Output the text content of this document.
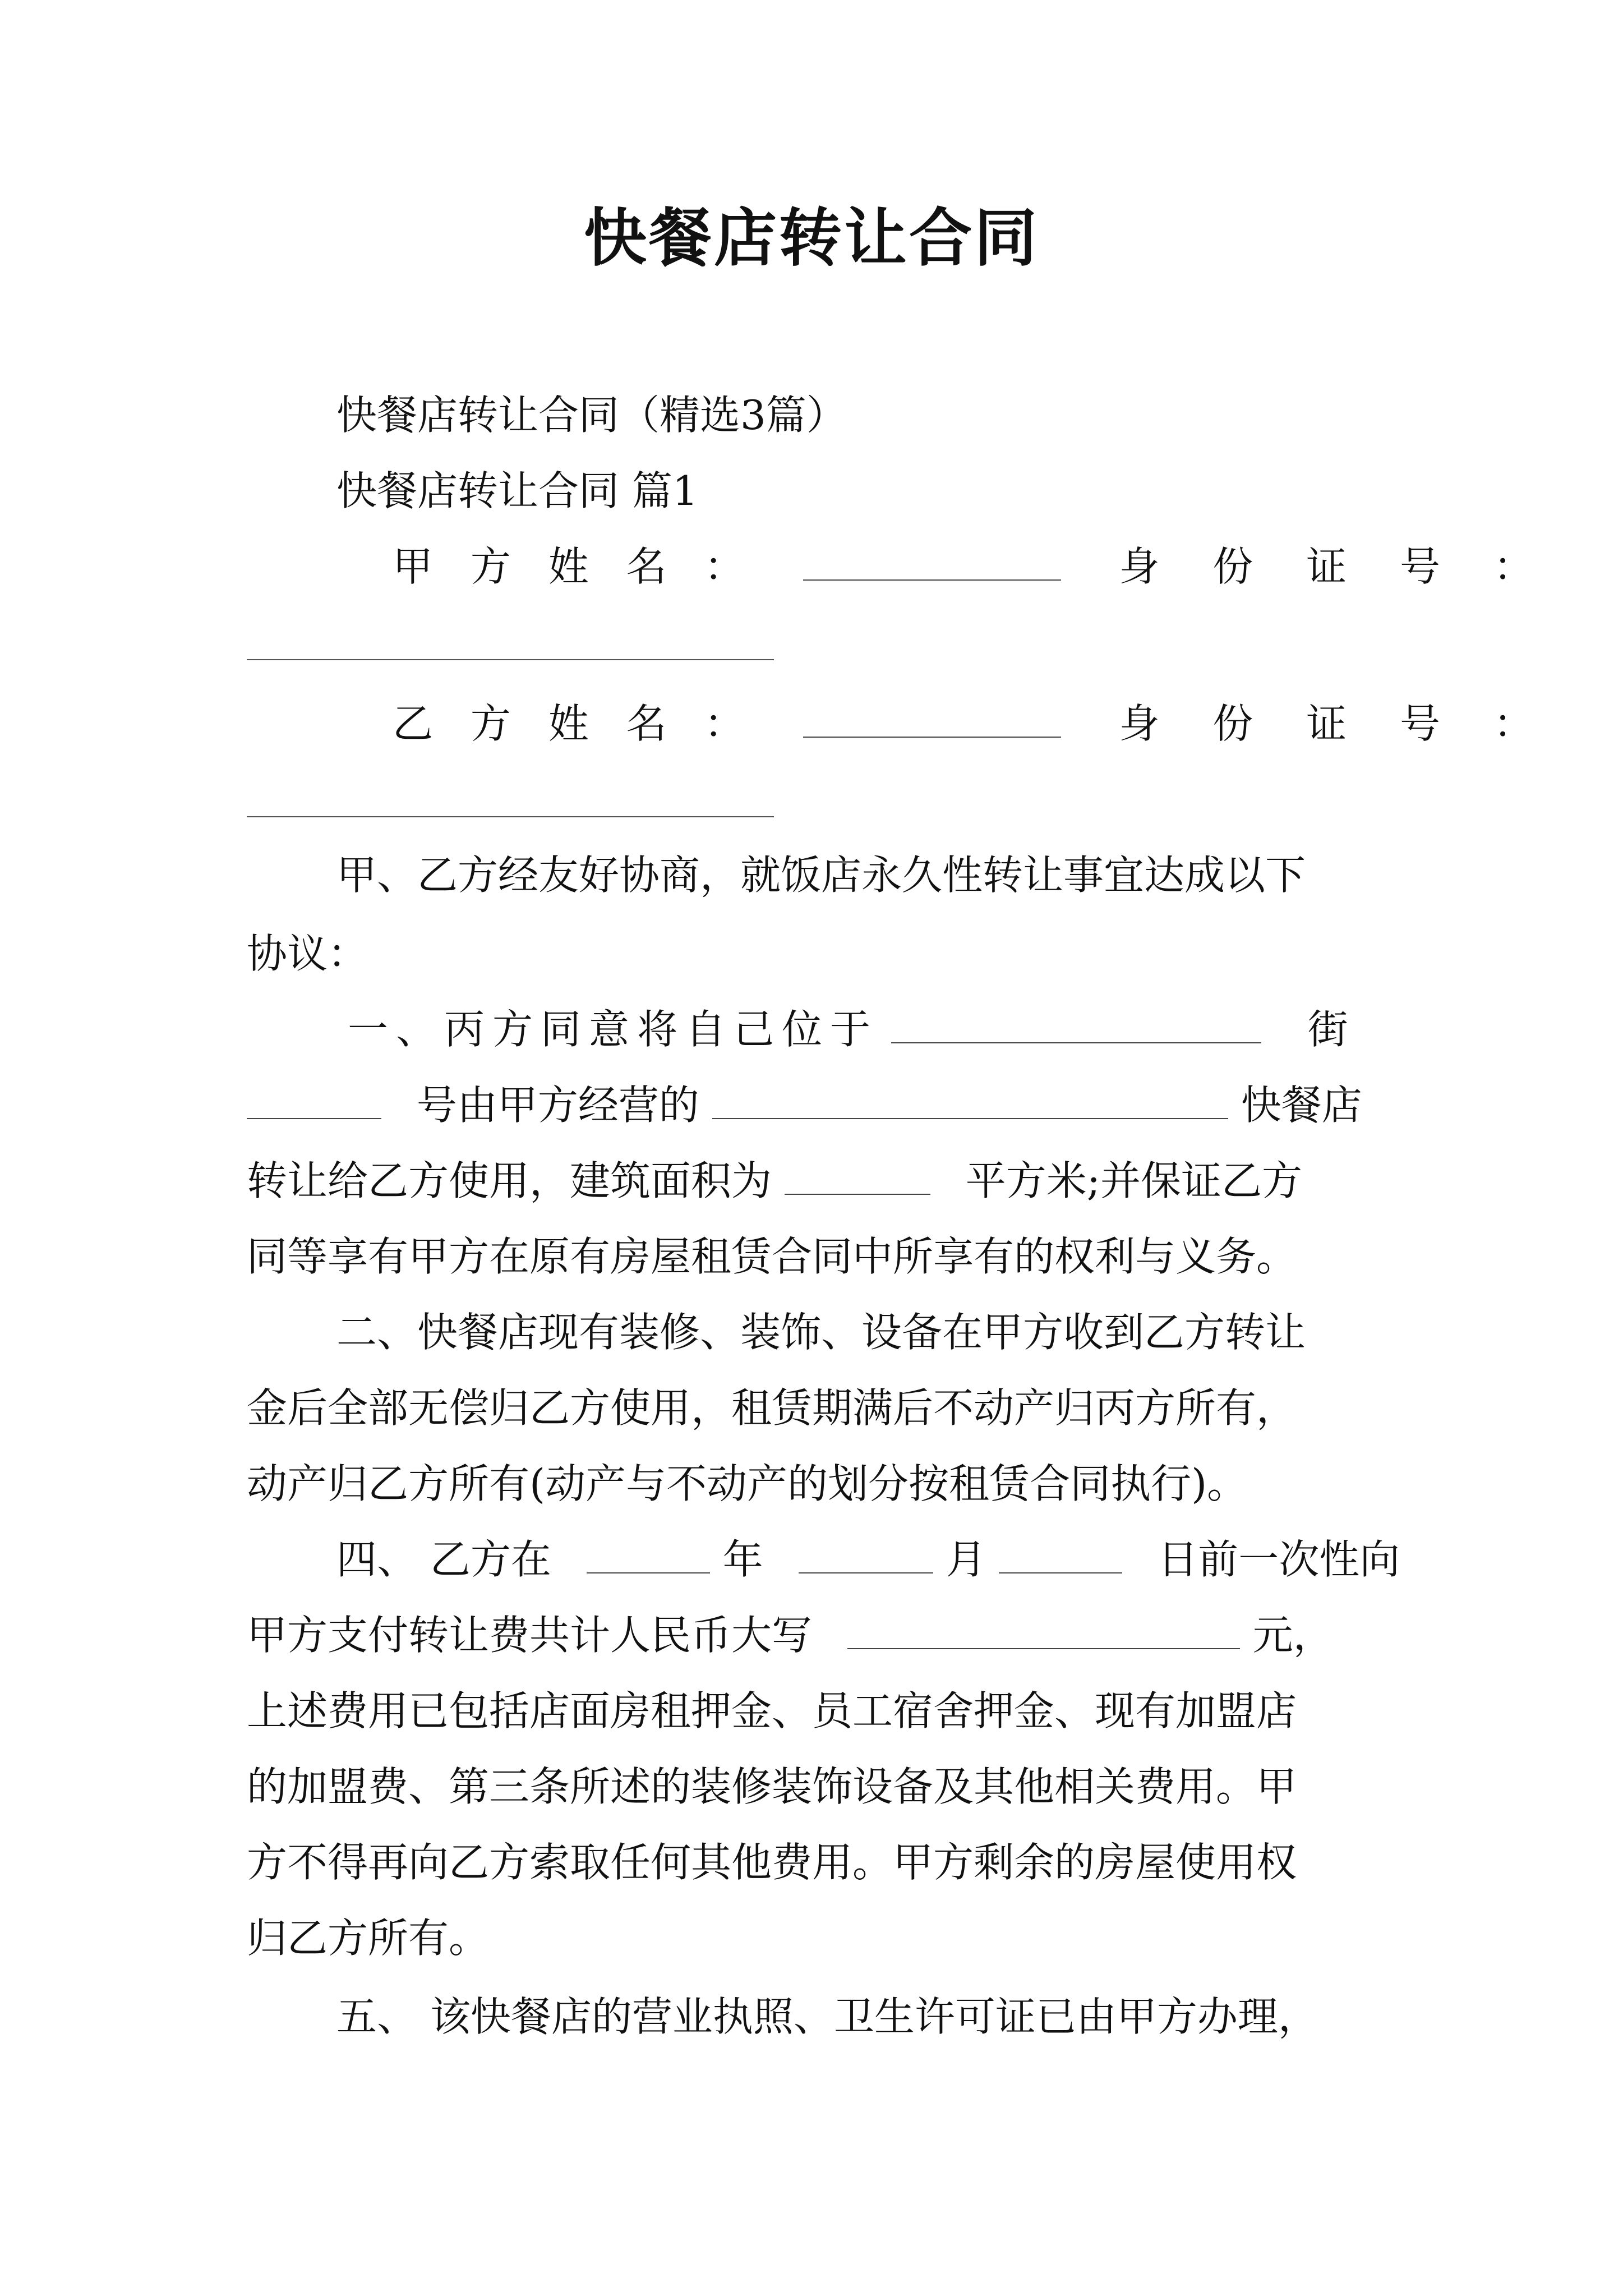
快餐店转让合同
快餐店转让合同（精选3篇）
快餐店转让合同 篇1
甲 方 姓 名 ：	身 份 证 号 ：
乙 方 姓 名 ：	身 份 证 号 ：
甲、乙方经友好协商，就饭店永久性转让事宜达成以下
协议：
一、丙方同意将自己位于	街
号由甲方经营的	快餐店
转让给乙方使用，建筑面积为	平方米;并保证乙方
同等享有甲方在原有房屋租赁合同中所享有的权利与义务。
二、快餐店现有装修、装饰、设备在甲方收到乙方转让
金后全部无偿归乙方使用，租赁期满后不动产归丙方所有，
动产归乙方所有(动产与不动产的划分按租赁合同执行)。
四、 乙方在	年	月	日前一次性向
甲方支付转让费共计人民币大写	元，
上述费用已包括店面房租押金、员工宿舍押金、现有加盟店
的加盟费、第三条所述的装修装饰设备及其他相关费用。甲
方不得再向乙方索取任何其他费用。甲方剩余的房屋使用权
归乙方所有。
五、 该快餐店的营业执照、卫生许可证已由甲方办理，
